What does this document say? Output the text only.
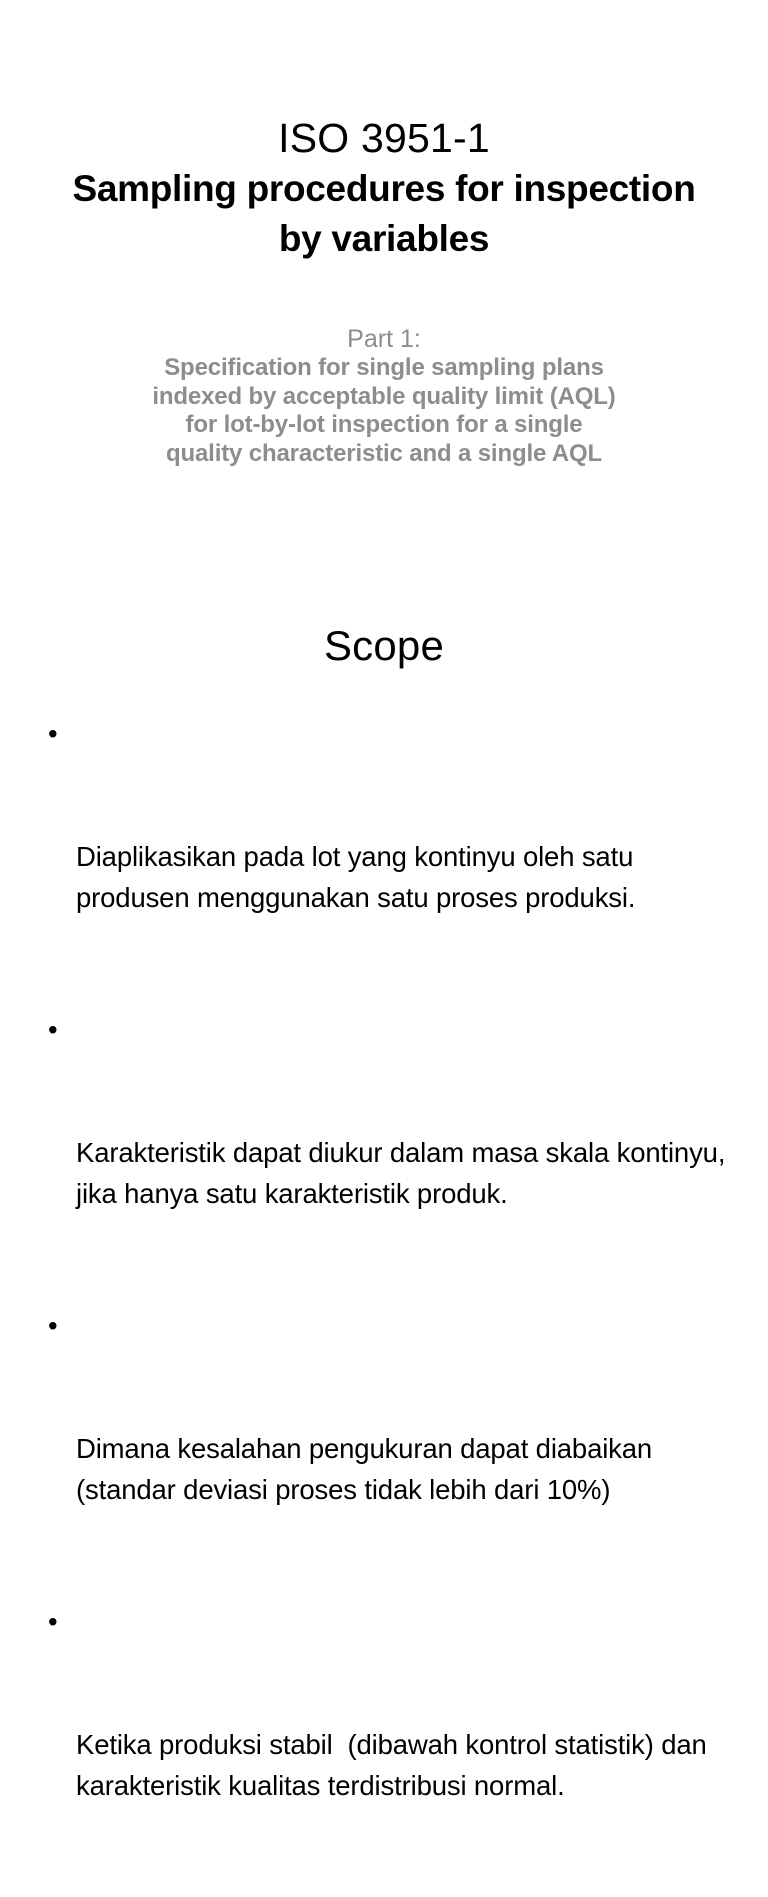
ISO 3951-1
Sampling procedures for inspection
by variables
Part 1:
Specification for single sampling plans
indexed by acceptable quality limit (AQL)
for lot-by-lot inspection for a single
quality characteristic and a single AQL
Scope

•

Diaplikasikan pada lot yang kontinyu oleh satu produsen menggunakan satu proses produksi.

•

Karakteristik dapat diukur dalam masa skala kontinyu, jika hanya satu karakteristik produk.

•

Dimana kesalahan pengukuran dapat diabaikan (standar deviasi proses tidak lebih dari 10%)

•

Ketika produksi stabil  (dibawah kontrol statistik) dan karakteristik kualitas terdistribusi normal.
